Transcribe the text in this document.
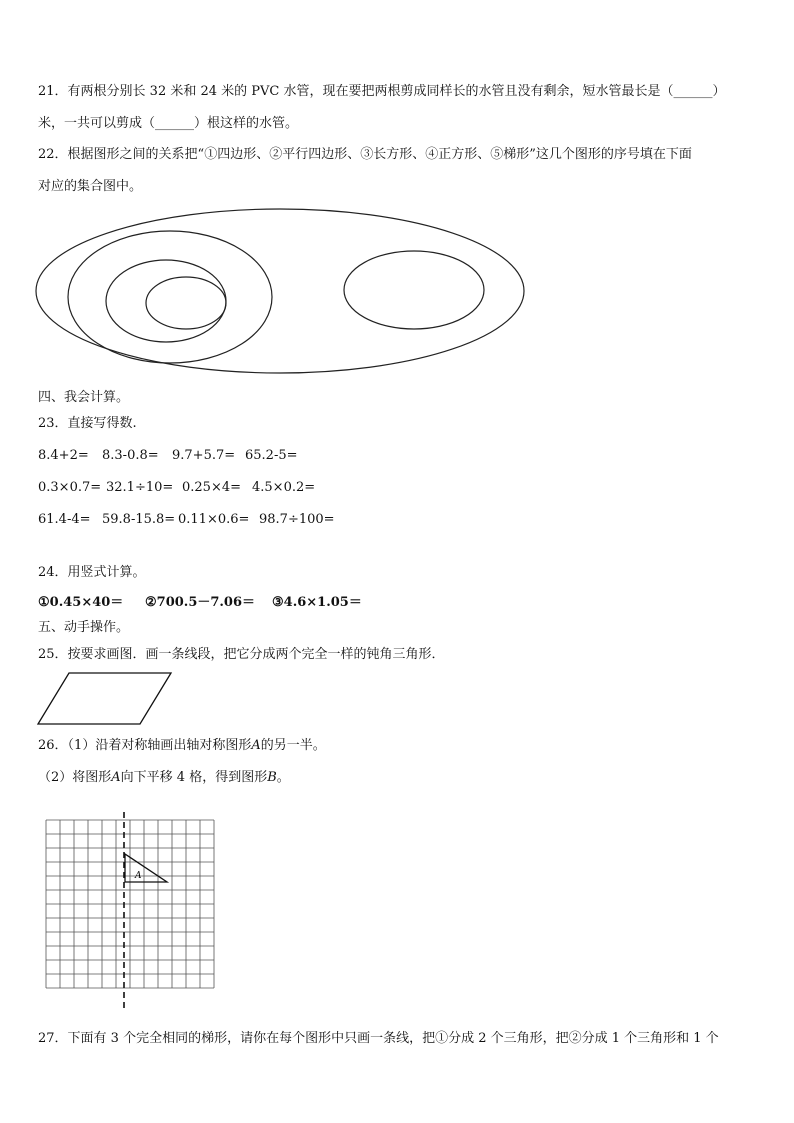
21．有两根分别长 32 米和 24 米的 PVC 水管，现在要把两根剪成同样长的水管且没有剩余，短水管最长是（______）
米，一共可以剪成（______）根这样的水管。
22．根据图形之间的关系把“①四边形、②平行四边形、③长方形、④正方形、⑤梯形”这几个图形的序号填在下面
对应的集合图中。
四、我会计算。
23．直接写得数.
8.4+2= 8.3-0.8= 9.7+5.7= 65.2-5=
0.3×0.7= 32.1÷10= 0.25×4= 4.5×0.2=
61.4-4= 59.8-15.8= 0.11×0.6= 98.7÷100=
24．用竖式计算。
①0.45×40＝ ②700.5－7.06＝ ③4.6×1.05＝
五、动手操作。
25．按要求画图．画一条线段，把它分成两个完全一样的钝角三角形．
26．（1）沿着对称轴画出轴对称图形A的另一半。
（2）将图形A向下平移 4 格，得到图形B。
A
27．下面有 3 个完全相同的梯形，请你在每个图形中只画一条线，把①分成 2 个三角形，把②分成 1 个三角形和 1 个
